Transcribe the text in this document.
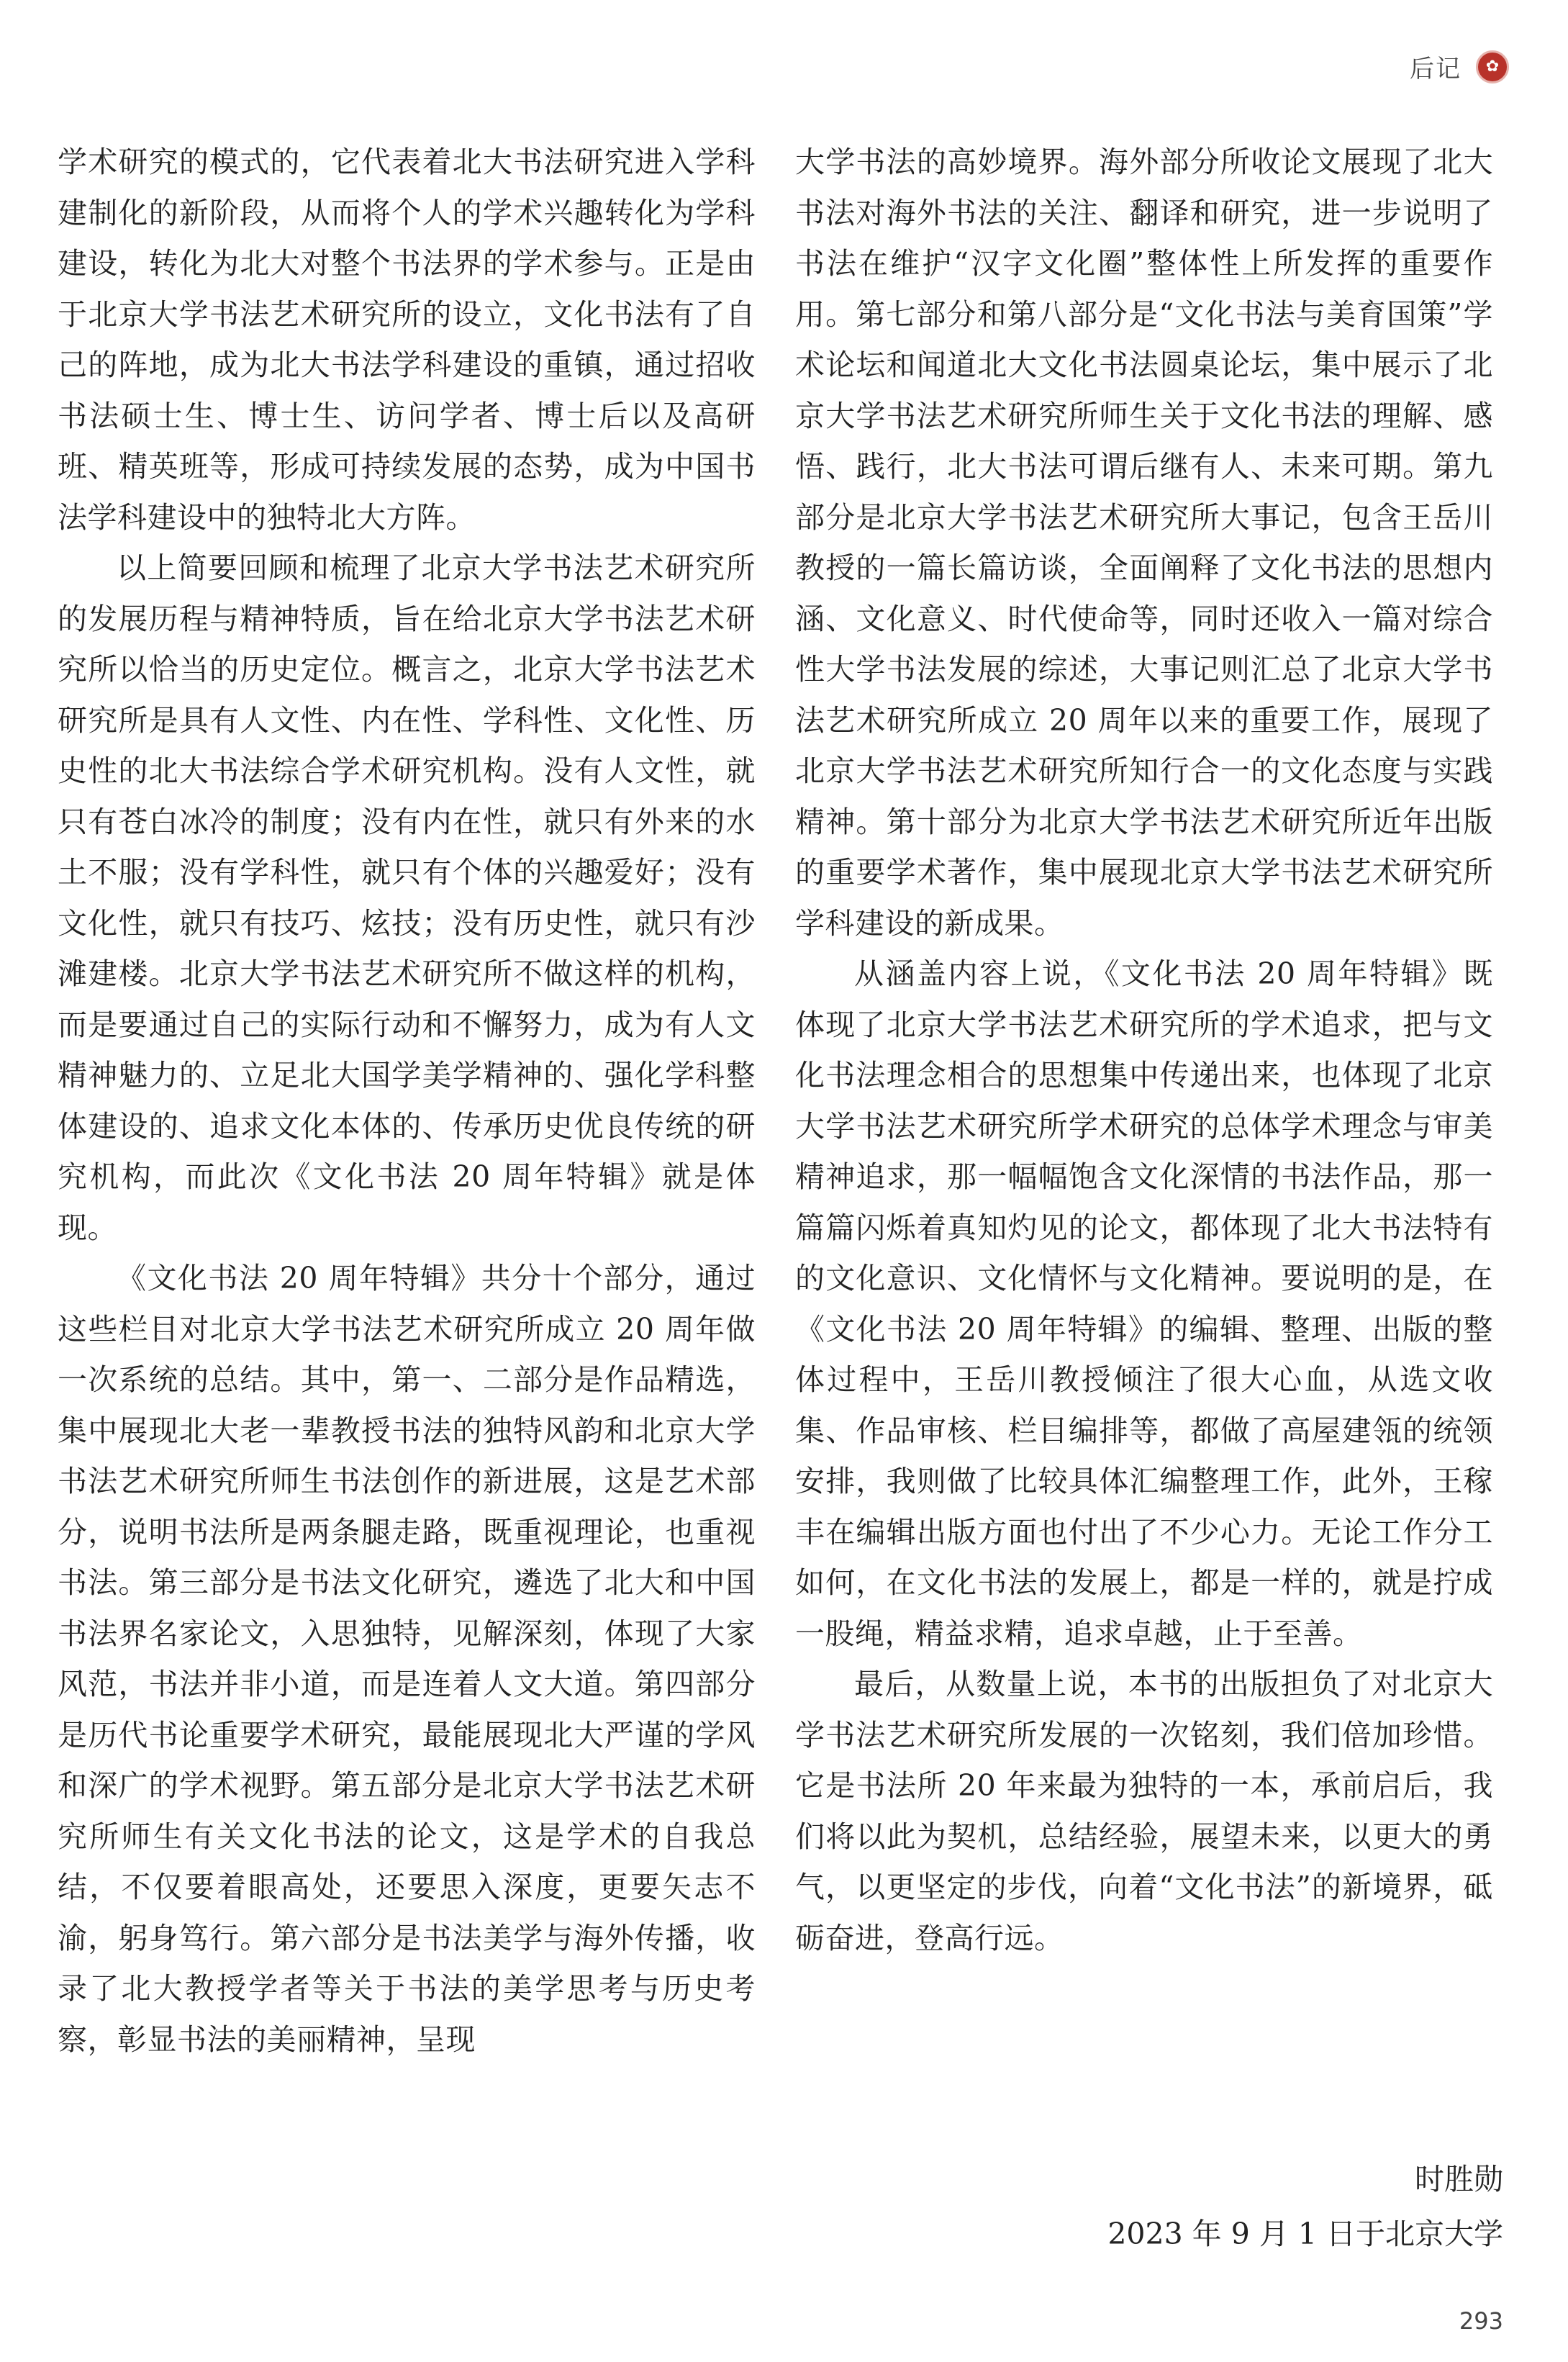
后记 ✿

学术研究的模式的，它代表着北大书法研究进入学科建制化的新阶段，从而将个人的学术兴趣转化为学科建设，转化为北大对整个书法界的学术参与。正是由于北京大学书法艺术研究所的设立，文化书法有了自己的阵地，成为北大书法学科建设的重镇，通过招收书法硕士生、博士生、访问学者、博士后以及高研班、精英班等，形成可持续发展的态势，成为中国书法学科建设中的独特北大方阵。

以上简要回顾和梳理了北京大学书法艺术研究所的发展历程与精神特质，旨在给北京大学书法艺术研究所以恰当的历史定位。概言之，北京大学书法艺术研究所是具有人文性、内在性、学科性、文化性、历史性的北大书法综合学术研究机构。没有人文性，就只有苍白冰冷的制度；没有内在性，就只有外来的水土不服；没有学科性，就只有个体的兴趣爱好；没有文化性，就只有技巧、炫技；没有历史性，就只有沙滩建楼。北京大学书法艺术研究所不做这样的机构，而是要通过自己的实际行动和不懈努力，成为有人文精神魅力的、立足北大国学美学精神的、强化学科整体建设的、追求文化本体的、传承历史优良传统的研究机构，而此次《文化书法 20 周年特辑》就是体现。

《文化书法 20 周年特辑》共分十个部分，通过这些栏目对北京大学书法艺术研究所成立 20 周年做一次系统的总结。其中，第一、二部分是作品精选，集中展现北大老一辈教授书法的独特风韵和北京大学书法艺术研究所师生书法创作的新进展，这是艺术部分，说明书法所是两条腿走路，既重视理论，也重视书法。第三部分是书法文化研究，遴选了北大和中国书法界名家论文，入思独特，见解深刻，体现了大家风范，书法并非小道，而是连着人文大道。第四部分是历代书论重要学术研究，最能展现北大严谨的学风和深广的学术视野。第五部分是北京大学书法艺术研究所师生有关文化书法的论文，这是学术的自我总结，不仅要着眼高处，还要思入深度，更要矢志不渝，躬身笃行。第六部分是书法美学与海外传播，收录了北大教授学者等关于书法的美学思考与历史考察，彰显书法的美丽精神，呈现

大学书法的高妙境界。海外部分所收论文展现了北大书法对海外书法的关注、翻译和研究，进一步说明了书法在维护“汉字文化圈”整体性上所发挥的重要作用。第七部分和第八部分是“文化书法与美育国策”学术论坛和闻道北大文化书法圆桌论坛，集中展示了北京大学书法艺术研究所师生关于文化书法的理解、感悟、践行，北大书法可谓后继有人、未来可期。第九部分是北京大学书法艺术研究所大事记，包含王岳川教授的一篇长篇访谈，全面阐释了文化书法的思想内涵、文化意义、时代使命等，同时还收入一篇对综合性大学书法发展的综述，大事记则汇总了北京大学书法艺术研究所成立 20 周年以来的重要工作，展现了北京大学书法艺术研究所知行合一的文化态度与实践精神。第十部分为北京大学书法艺术研究所近年出版的重要学术著作，集中展现北京大学书法艺术研究所学科建设的新成果。

从涵盖内容上说，《文化书法 20 周年特辑》既体现了北京大学书法艺术研究所的学术追求，把与文化书法理念相合的思想集中传递出来，也体现了北京大学书法艺术研究所学术研究的总体学术理念与审美精神追求，那一幅幅饱含文化深情的书法作品，那一篇篇闪烁着真知灼见的论文，都体现了北大书法特有的文化意识、文化情怀与文化精神。要说明的是，在《文化书法 20 周年特辑》的编辑、整理、出版的整体过程中，王岳川教授倾注了很大心血，从选文收集、作品审核、栏目编排等，都做了高屋建瓴的统领安排，我则做了比较具体汇编整理工作，此外，王稼丰在编辑出版方面也付出了不少心力。无论工作分工如何，在文化书法的发展上，都是一样的，就是拧成一股绳，精益求精，追求卓越，止于至善。

最后，从数量上说，本书的出版担负了对北京大学书法艺术研究所发展的一次铭刻，我们倍加珍惜。它是书法所 20 年来最为独特的一本，承前启后，我们将以此为契机，总结经验，展望未来，以更大的勇气，以更坚定的步伐，向着“文化书法”的新境界，砥砺奋进，登高行远。

时胜勋
2023 年 9 月 1 日于北京大学
293
